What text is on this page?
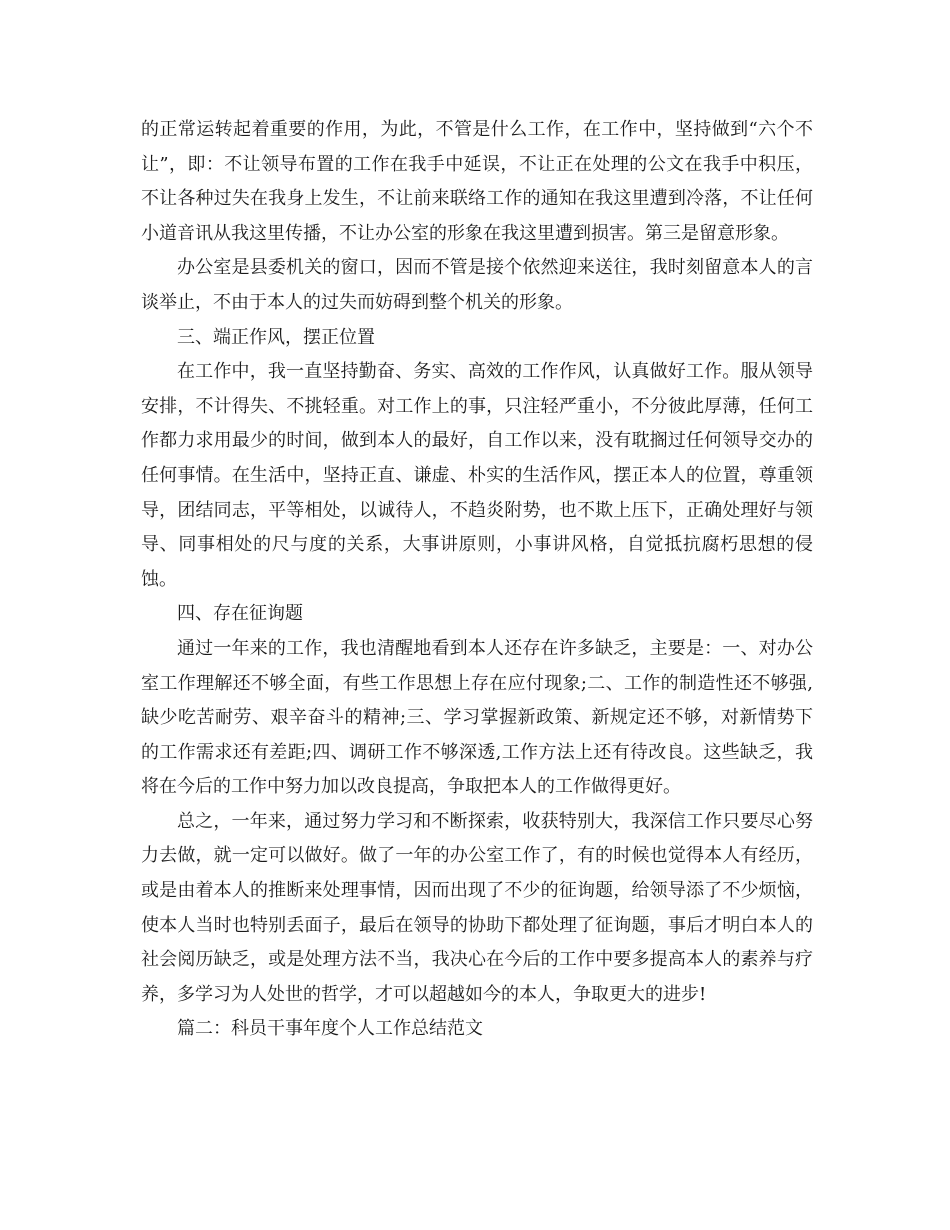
的正常运转起着重要的作用，为此，不管是什么工作，在工作中，坚持做到“六个不让”，即：不让领导布置的工作在我手中延误，不让正在处理的公文在我手中积压，不让各种过失在我身上发生，不让前来联络工作的通知在我这里遭到冷落，不让任何小道音讯从我这里传播，不让办公室的形象在我这里遭到损害。第三是留意形象。

办公室是县委机关的窗口，因而不管是接个依然迎来送往，我时刻留意本人的言谈举止，不由于本人的过失而妨碍到整个机关的形象。

三、端正作风，摆正位置

在工作中，我一直坚持勤奋、务实、高效的工作作风，认真做好工作。服从领导安排，不计得失、不挑轻重。对工作上的事，只注轻严重小，不分彼此厚薄，任何工作都力求用最少的时间，做到本人的最好，自工作以来，没有耽搁过任何领导交办的任何事情。在生活中，坚持正直、谦虚、朴实的生活作风，摆正本人的位置，尊重领导，团结同志，平等相处，以诚待人，不趋炎附势，也不欺上压下，正确处理好与领导、同事相处的尺与度的关系，大事讲原则，小事讲风格，自觉抵抗腐朽思想的侵蚀。

四、存在征询题

通过一年来的工作，我也清醒地看到本人还存在许多缺乏，主要是：一、对办公室工作理解还不够全面，有些工作思想上存在应付现象;二、工作的制造性还不够强,缺少吃苦耐劳、艰辛奋斗的精神;三、学习掌握新政策、新规定还不够，对新情势下的工作需求还有差距;四、调研工作不够深透,工作方法上还有待改良。这些缺乏，我将在今后的工作中努力加以改良提高，争取把本人的工作做得更好。

总之，一年来，通过努力学习和不断探索，收获特别大，我深信工作只要尽心努力去做，就一定可以做好。做了一年的办公室工作了，有的时候也觉得本人有经历，或是由着本人的推断来处理事情，因而出现了不少的征询题，给领导添了不少烦恼，使本人当时也特别丢面子，最后在领导的协助下都处理了征询题，事后才明白本人的社会阅历缺乏，或是处理方法不当，我决心在今后的工作中要多提高本人的素养与疗养，多学习为人处世的哲学，才可以超越如今的本人，争取更大的进步!

篇二：科员干事年度个人工作总结范文
